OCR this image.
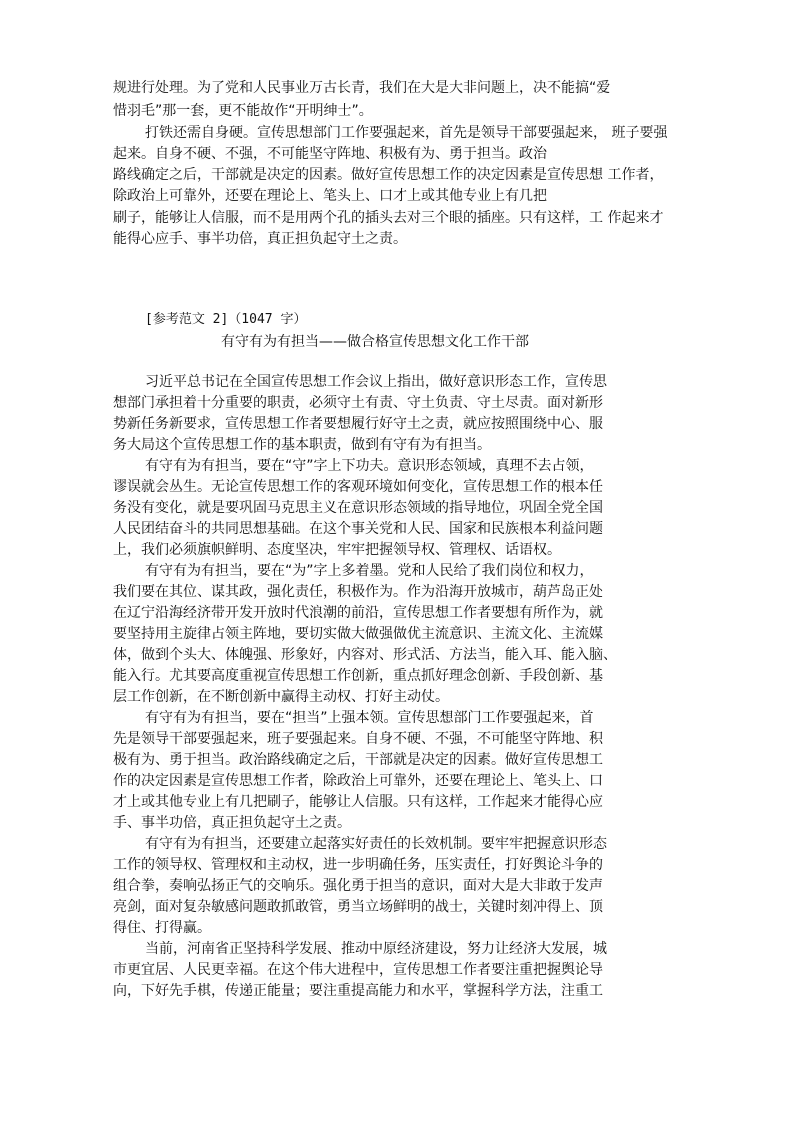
规进行处理。为了党和人民事业万古长青，我们在大是大非问题上，决不能搞“爱
惜羽毛”那一套，更不能故作“开明绅士”。
打铁还需自身硬。宣传思想部门工作要强起来，首先是领导干部要强起来， 班子要强
起来。自身不硬、不强，不可能坚守阵地、积极有为、勇于担当。政治
路线确定之后，干部就是决定的因素。做好宣传思想工作的决定因素是宣传思想 工作者，
除政治上可靠外，还要在理论上、笔头上、口才上或其他专业上有几把
刷子，能够让人信服，而不是用两个孔的插头去对三个眼的插座。只有这样，工 作起来才
能得心应手、事半功倍，真正担负起守土之责。
[参考范文 2]（1047 字）
有守有为有担当——做合格宣传思想文化工作干部
习近平总书记在全国宣传思想工作会议上指出，做好意识形态工作，宣传思
想部门承担着十分重要的职责，必须守土有责、守土负责、守土尽责。面对新形
势新任务新要求，宣传思想工作者要想履行好守土之责，就应按照围绕中心、服
务大局这个宣传思想工作的基本职责，做到有守有为有担当。
有守有为有担当，要在“守”字上下功夫。意识形态领域，真理不去占领，
谬误就会丛生。无论宣传思想工作的客观环境如何变化，宣传思想工作的根本任
务没有变化，就是要巩固马克思主义在意识形态领域的指导地位，巩固全党全国
人民团结奋斗的共同思想基础。在这个事关党和人民、国家和民族根本利益问题
上，我们必须旗帜鲜明、态度坚决，牢牢把握领导权、管理权、话语权。
有守有为有担当，要在“为”字上多着墨。党和人民给了我们岗位和权力，
我们要在其位、谋其政，强化责任，积极作为。作为沿海开放城市，葫芦岛正处
在辽宁沿海经济带开发开放时代浪潮的前沿，宣传思想工作者要想有所作为，就
要坚持用主旋律占领主阵地，要切实做大做强做优主流意识、主流文化、主流媒
体，做到个头大、体魄强、形象好，内容对、形式活、方法当，能入耳、能入脑、
能入行。尤其要高度重视宣传思想工作创新，重点抓好理念创新、手段创新、基
层工作创新，在不断创新中赢得主动权、打好主动仗。
有守有为有担当，要在“担当”上强本领。宣传思想部门工作要强起来，首
先是领导干部要强起来，班子要强起来。自身不硬、不强，不可能坚守阵地、积
极有为、勇于担当。政治路线确定之后，干部就是决定的因素。做好宣传思想工
作的决定因素是宣传思想工作者，除政治上可靠外，还要在理论上、笔头上、口
才上或其他专业上有几把刷子，能够让人信服。只有这样，工作起来才能得心应
手、事半功倍，真正担负起守土之责。
有守有为有担当，还要建立起落实好责任的长效机制。要牢牢把握意识形态
工作的领导权、管理权和主动权，进一步明确任务，压实责任，打好舆论斗争的
组合拳，奏响弘扬正气的交响乐。强化勇于担当的意识，面对大是大非敢于发声
亮剑，面对复杂敏感问题敢抓敢管，勇当立场鲜明的战士，关键时刻冲得上、顶
得住、打得赢。
当前，河南省正坚持科学发展、推动中原经济建设，努力让经济大发展，城
市更宜居、人民更幸福。在这个伟大进程中，宣传思想工作者要注重把握舆论导
向，下好先手棋，传递正能量；要注重提高能力和水平，掌握科学方法，注重工
